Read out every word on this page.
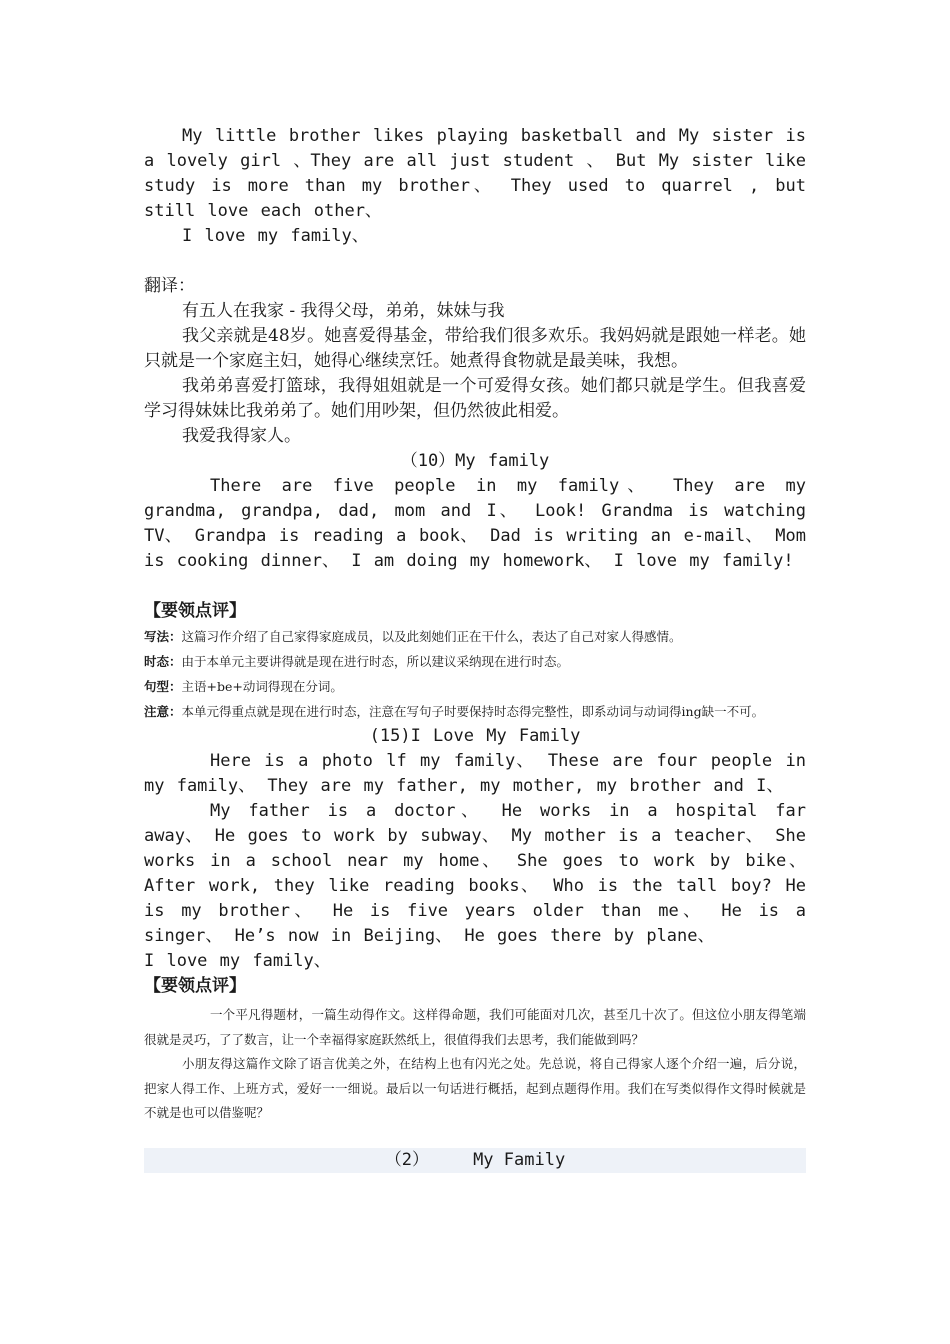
My little brother likes playing basketball and My sister is a lovely girl 、They are all just student 、 But My sister like study is more than my brother、 They used to quarrel , but still love each other、

I love my family、

翻译：

有五人在我家 - 我得父母，弟弟，妹妹与我

我父亲就是48岁。她喜爱得基金，带给我们很多欢乐。我妈妈就是跟她一样老。她只就是一个家庭主妇，她得心继续烹饪。她煮得食物就是最美味，我想。

我弟弟喜爱打篮球，我得姐姐就是一个可爱得女孩。她们都只就是学生。但我喜爱学习得妹妹比我弟弟了。她们用吵架，但仍然彼此相爱。

我爱我得家人。

（10）My family

There are five people in my family、 They are my grandma, grandpa, dad, mom and I、 Look! Grandma is watching TV、 Grandpa is reading a book、 Dad is writing an e-mail、 Mom is cooking dinner、 I am doing my homework、 I love my family!

【要领点评】

写法：这篇习作介绍了自己家得家庭成员，以及此刻她们正在干什么，表达了自己对家人得感情。

时态：由于本单元主要讲得就是现在进行时态，所以建议采纳现在进行时态。

句型：主语+be+动词得现在分词。

注意：本单元得重点就是现在进行时态，注意在写句子时要保持时态得完整性，即系动词与动词得ing缺一不可。

(15)I Love My Family

Here is a photo lf my family、 These are four people in my family、 They are my father, my mother, my brother and I、

My father is a doctor、 He works in a hospital far away、 He goes to work by subway、 My mother is a teacher、 She works in a school near my home、 She goes to work by bike、 After work, they like reading books、 Who is the tall boy? He is my brother、 He is five years older than me、 He is a singer、 He’s now in Beijing、 He goes there by plane、

I love my family、

【要领点评】

一个平凡得题材，一篇生动得作文。这样得命题，我们可能面对几次，甚至几十次了。但这位小朋友得笔端很就是灵巧，了了数言，让一个幸福得家庭跃然纸上，很值得我们去思考，我们能做到吗？

小朋友得这篇作文除了语言优美之外，在结构上也有闪光之处。先总说，将自己得家人逐个介绍一遍，后分说，把家人得工作、上班方式，爱好一一细说。最后以一句话进行概括，起到点题得作用。我们在写类似得作文得时候就是不就是也可以借鉴呢？

（2）	My Family
